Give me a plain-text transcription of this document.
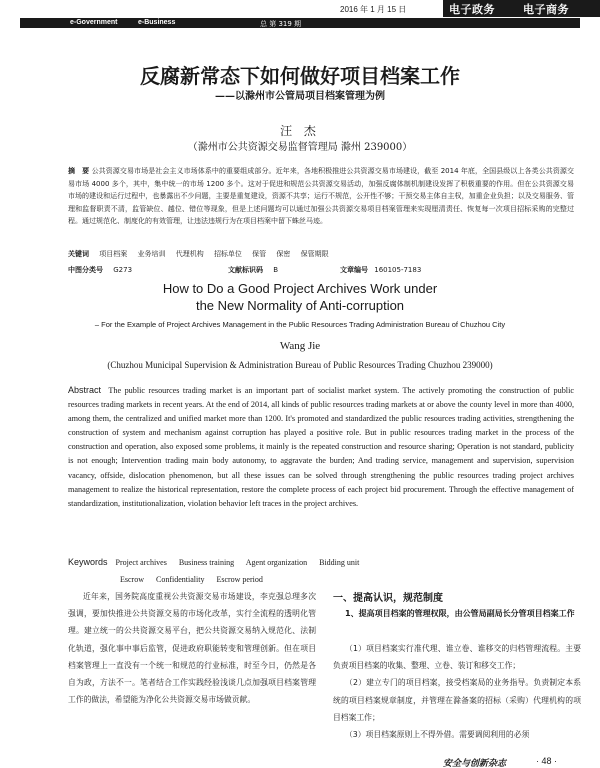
2016 年 1 月 15 日	电子政务	电子商务
e-Government	e-Business	总 第 319 期
反腐新常态下如何做好项目档案工作
——以滁州市公管局项目档案管理为例
汪 杰
（滁州市公共资源交易监督管理局 滁州 239000）
摘　要 公共资源交易市场是社会主义市场体系中的重要组成部分。近年来，各地积极推进公共资源交易市场建设，截至 2014 年底，全国县级以上各类公共资源交易市场 4000 多个，其中，集中统一的市场 1200 多个。这对于促进和规范公共资源交易活动，加强反腐体制机制建设发挥了积极重要的作用。但在公共资源交易市场的建设和运行过程中，也暴露出不少问题，主要是重复建设，资源不共享；运行不规范，公开性不够；干预交易主体自主权，加重企业负担；以及交易服务、管理和监督职责不清，监管缺位、越位、错位等现象，但是上述问题均可以通过加强公共资源交易项目档案管理来实现厘清责任、恢复每一次项目招标采购的完整过程。通过规范化、制度化的有效管理，让违法违规行为在项目档案中留下蛛丝马迹。
关键词 项目档案 业务培训 代理机构 招标单位 保管 保密 保管期限
中图分类号 G273	文献标识码 B	文章编号 160105-7183
How to Do a Good Project Archives Work under
the New Normality of Anti-corruption
– For the Example of Project Archives Management in the Public Resources Trading Administration Bureau of Chuzhou City
Wang Jie
(Chuzhou Municipal Supervision & Administration Bureau of Public Resources Trading Chuzhou 239000)
Abstract The public resources trading market is an important part of socialist market system. The actively promoting the construction of public resources trading markets in recent years. At the end of 2014, all kinds of public resources trading markets at or above the county level in more than 4000, among them, the centralized and unified market more than 1200. It's promoted and standardized the public resources trading activities, strengthening the construction of system and mechanism against corruption has played a positive role. But in public resources trading market in the process of the construction and operation, also exposed some problems, it mainly is the repeated construction and resource sharing; Operation is not standard, publicity is not enough; Intervention trading main body autonomy, to aggravate the burden; And trading service, management and supervision, supervision vacancy, offside, dislocation phenomenon, but all these issues can be solved through strengthening the public resources trading project archives management to realize the historical representation, restore the complete process of each project bid procurement. Through the effective management of standardization, institutionalization, violation behavior left traces in the project archives.
Keywords Project archives Business training Agent organization Bidding unit
Escrow Confidentiality Escrow period
近年来，国务院高度重视公共资源交易市场建设，李克强总理多次强调，要加快推进公共资源交易的市场化改革，实行全流程的透明化管理。建立统一的公共资源交易平台，把公共资源交易纳入规范化、法制化轨道，强化事中事后监管，促进政府职能转变和管理创新。但在项目档案管理上一直没有一个统一和规范的行业标准，时至今日，仍然是各自为政，方法不一。笔者结合工作实践经验浅谈几点加强项目档案管理工作的做法，希望能为净化公共资源交易市场做贡献。
一、提高认识，规范制度
1、提高项目档案的管理权限，由公管局副局长分管项目档案工作

（1）项目档案实行准代理、谁立卷、谁移交的归档管理流程。主要负责项目档案的收集、整理、立卷、装订和移交工作；

（2）建立专门的项目档案，接受档案局的业务指导。负责制定本系统的项目档案规章制度，并管理在滁备案的招标（采购）代理机构的项目档案工作；

（3）项目档案原则上不得外借。需要调阅利用的必须

安全与创新杂志	· 48 ·
